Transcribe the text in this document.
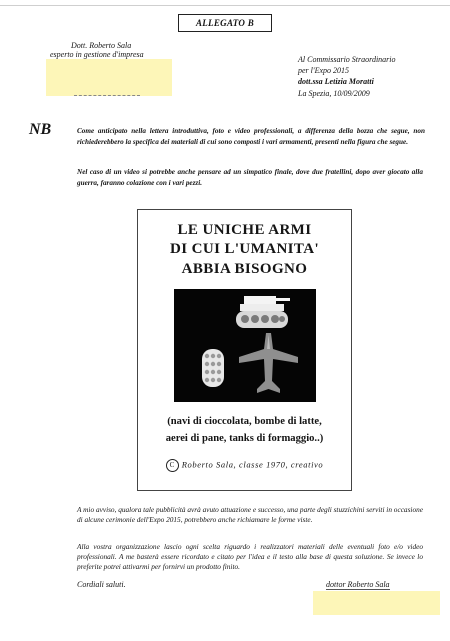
ALLEGATO B
Dott. Roberto Sala
esperto in gestione d'impresa
Al Commissario Straordinario
per l'Expo 2015
dott.ssa Letizia Moratti
La Spezia, 10/09/2009
NB	Come anticipato nella lettera introduttiva, foto e video professionali, a differenza della bozza che segue, non richiederebbero la specifica dei materiali di cui sono composti i vari armamenti, presenti nella figura che segue.
Nel caso di un video si potrebbe anche pensare ad un simpatico finale, dove due fratellini, dopo aver giocato alla guerra, faranno colazione con i vari pezzi.
LE UNICHE ARMI
DI CUI L'UMANITA'
ABBIA BISOGNO
(navi di cioccolata, bombe di latte,
aerei di pane, tanks di formaggio..)
C Roberto Sala, classe 1970, creativo
A mio avviso, qualora tale pubblicità avrà avuto attuazione e successo, una parte degli stuzzichini serviti in occasione di alcune cerimonie dell'Expo 2015, potrebbero anche richiamare le forme viste.
Alla vostra organizzazione lascio ogni scelta riguardo i realizzatori materiali delle eventuali foto e/o video professionali. A me basterà essere ricordato e citato per l'idea e il testo alla base di questa soluzione. Se invece lo preferite potrei attivarmi per fornirvi un prodotto finito.
Cordiali saluti.	dottor Roberto Sala
